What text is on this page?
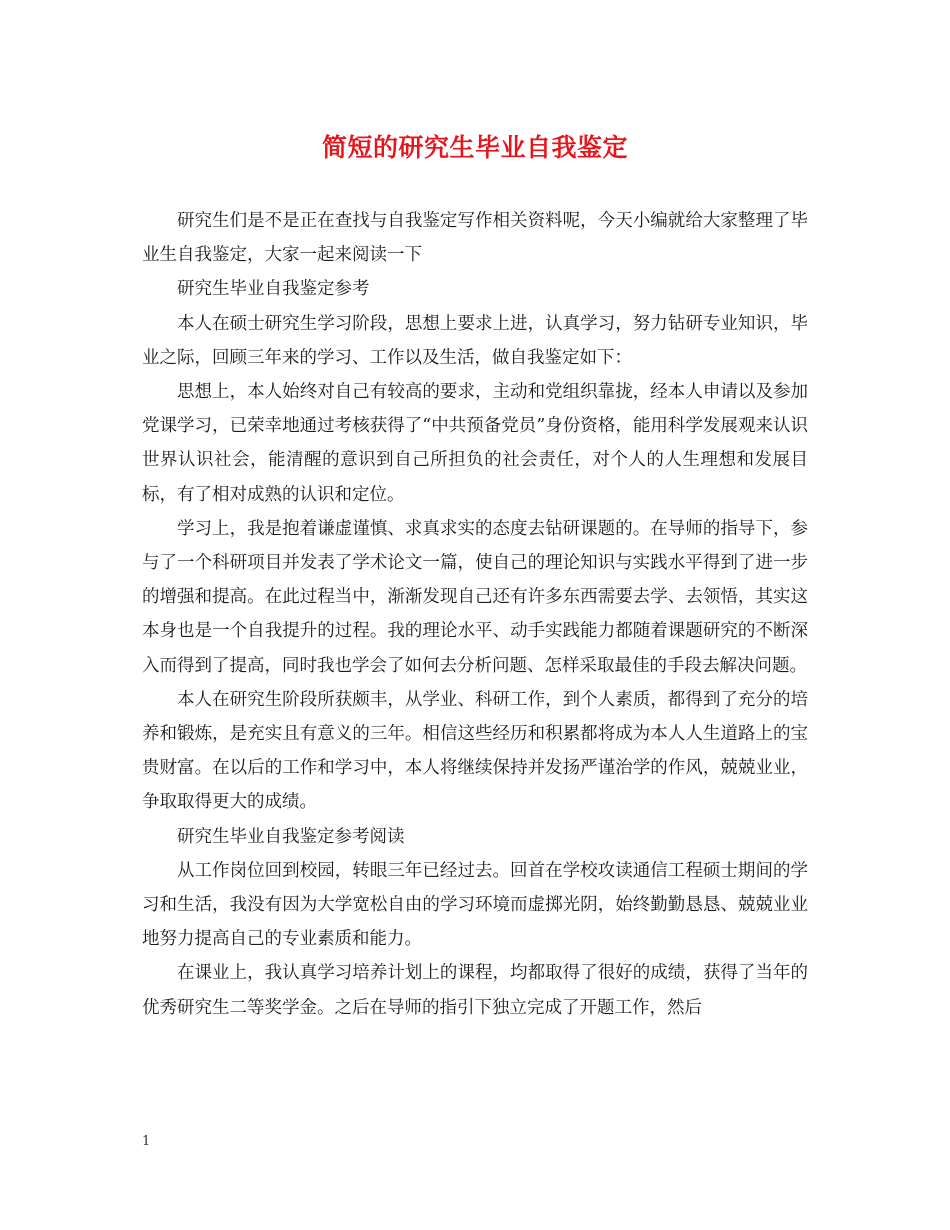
简短的研究生毕业自我鉴定

研究生们是不是正在查找与自我鉴定写作相关资料呢，今天小编就给大家整理了毕业生自我鉴定，大家一起来阅读一下

研究生毕业自我鉴定参考

本人在硕士研究生学习阶段，思想上要求上进，认真学习，努力钻研专业知识，毕业之际，回顾三年来的学习、工作以及生活，做自我鉴定如下：

思想上，本人始终对自己有较高的要求，主动和党组织靠拢，经本人申请以及参加党课学习，已荣幸地通过考核获得了“中共预备党员”身份资格，能用科学发展观来认识世界认识社会，能清醒的意识到自己所担负的社会责任，对个人的人生理想和发展目标，有了相对成熟的认识和定位。

学习上，我是抱着谦虚谨慎、求真求实的态度去钻研课题的。在导师的指导下，参与了一个科研项目并发表了学术论文一篇，使自己的理论知识与实践水平得到了进一步的增强和提高。在此过程当中，渐渐发现自己还有许多东西需要去学、去领悟，其实这本身也是一个自我提升的过程。我的理论水平、动手实践能力都随着课题研究的不断深入而得到了提高，同时我也学会了如何去分析问题、怎样采取最佳的手段去解决问题。

本人在研究生阶段所获颇丰，从学业、科研工作，到个人素质，都得到了充分的培养和锻炼，是充实且有意义的三年。相信这些经历和积累都将成为本人人生道路上的宝贵财富。在以后的工作和学习中，本人将继续保持并发扬严谨治学的作风，兢兢业业，争取取得更大的成绩。

研究生毕业自我鉴定参考阅读

从工作岗位回到校园，转眼三年已经过去。回首在学校攻读通信工程硕士期间的学习和生活，我没有因为大学宽松自由的学习环境而虚掷光阴，始终勤勤恳恳、兢兢业业地努力提高自己的专业素质和能力。

在课业上，我认真学习培养计划上的课程，均都取得了很好的成绩，获得了当年的优秀研究生二等奖学金。之后在导师的指引下独立完成了开题工作，然后

1
